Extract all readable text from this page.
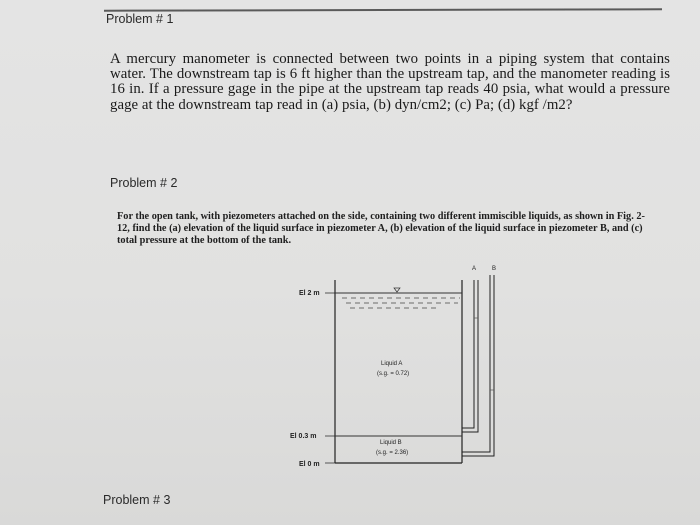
Problem # 1
A mercury manometer is connected between two points in a piping system that contains water. The downstream tap is 6 ft higher than the upstream tap, and the manometer reading is 16 in. If a pressure gage in the pipe at the upstream tap reads 40 psia, what would a pressure gage at the downstream tap read in (a) psia, (b) dyn/cm2; (c) Pa; (d) kgf /m2?
Problem # 2
For the open tank, with piezometers attached on the side, containing two different immiscible liquids, as shown in Fig. 2-12, find the (a) elevation of the liquid surface in piezometer A, (b) elevation of the liquid surface in piezometer B, and (c) total pressure at the bottom of the tank.
El 2 m
El 0.3 m
El 0 m
A	B
Liquid A
(s.g. = 0.72)
Liquid B
(s.g. = 2.36)
Problem # 3
